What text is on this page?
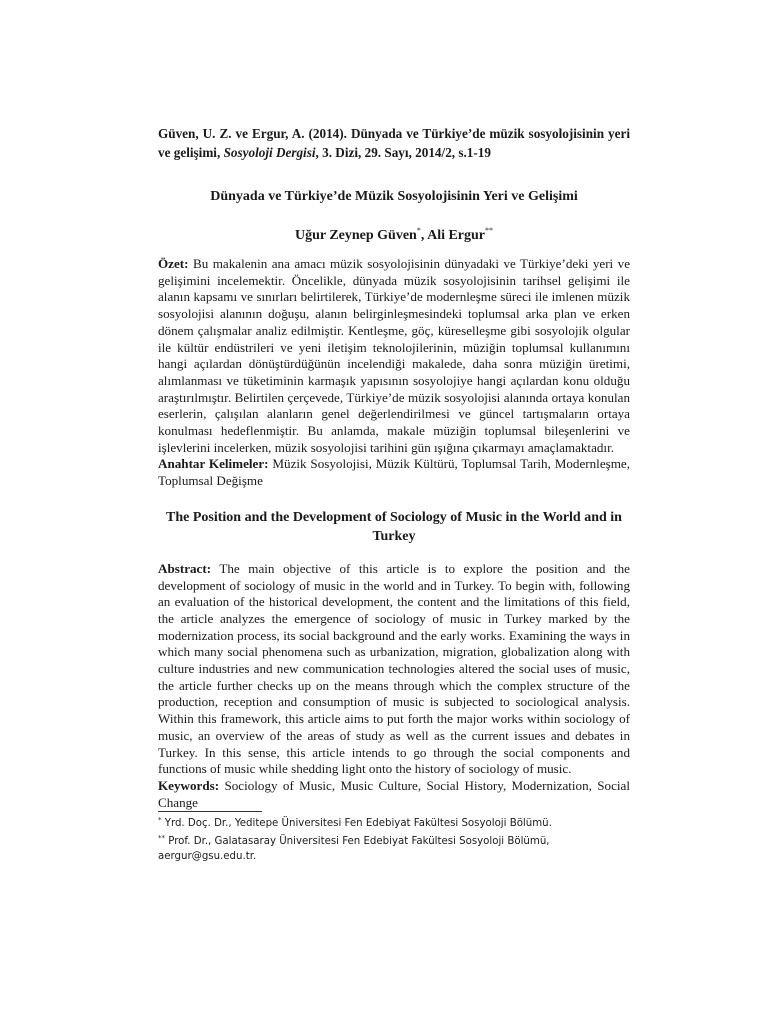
Güven, U. Z. ve Ergur, A. (2014). Dünyada ve Türkiye’de müzik sosyolojisinin yeri ve gelişimi, Sosyoloji Dergisi, 3. Dizi, 29. Sayı, 2014/2, s.1-19

Dünyada ve Türkiye’de Müzik Sosyolojisinin Yeri ve Gelişimi

Uğur Zeynep Güven*, Ali Ergur**

Özet: Bu makalenin ana amacı müzik sosyolojisinin dünyadaki ve Türkiye’deki yeri ve gelişimini incelemektir. Öncelikle, dünyada müzik sosyolojisinin tarihsel gelişimi ile alanın kapsamı ve sınırları belirtilerek, Türkiye’de modernleşme süreci ile imlenen müzik sosyolojisi alanının doğuşu, alanın belirginleşmesindeki toplumsal arka plan ve erken dönem çalışmalar analiz edilmiştir. Kentleşme, göç, küreselleşme gibi sosyolojik olgular ile kültür endüstrileri ve yeni iletişim teknolojilerinin, müziğin toplumsal kullanımını hangi açılardan dönüştürdüğünün incelendiği makalede, daha sonra müziğin üretimi, alımlanması ve tüketiminin karmaşık yapısının sosyolojiye hangi açılardan konu olduğu araştırılmıştır. Belirtilen çerçevede, Türkiye’de müzik sosyolojisi alanında ortaya konulan eserlerin, çalışılan alanların genel değerlendirilmesi ve güncel tartışmaların ortaya konulması hedeflenmiştir. Bu anlamda, makale müziğin toplumsal bileşenlerini ve işlevlerini incelerken, müzik sosyolojisi tarihini gün ışığına çıkarmayı amaçlamaktadır.

Anahtar Kelimeler: Müzik Sosyolojisi, Müzik Kültürü, Toplumsal Tarih, Modernleşme, Toplumsal Değişme

The Position and the Development of Sociology of Music in the World and in Turkey

Abstract: The main objective of this article is to explore the position and the development of sociology of music in the world and in Turkey. To begin with, following an evaluation of the historical development, the content and the limitations of this field, the article analyzes the emergence of sociology of music in Turkey marked by the modernization process, its social background and the early works. Examining the ways in which many social phenomena such as urbanization, migration, globalization along with culture industries and new communication technologies altered the social uses of music, the article further checks up on the means through which the complex structure of the production, reception and consumption of music is subjected to sociological analysis. Within this framework, this article aims to put forth the major works within sociology of music, an overview of the areas of study as well as the current issues and debates in Turkey. In this sense, this article intends to go through the social components and functions of music while shedding light onto the history of sociology of music.

Keywords: Sociology of Music, Music Culture, Social History, Modernization, Social Change

* Yrd. Doç. Dr., Yeditepe Üniversitesi Fen Edebiyat Fakültesi Sosyoloji Bölümü.
** Prof. Dr., Galatasaray Üniversitesi Fen Edebiyat Fakültesi Sosyoloji Bölümü, aergur@gsu.edu.tr.
